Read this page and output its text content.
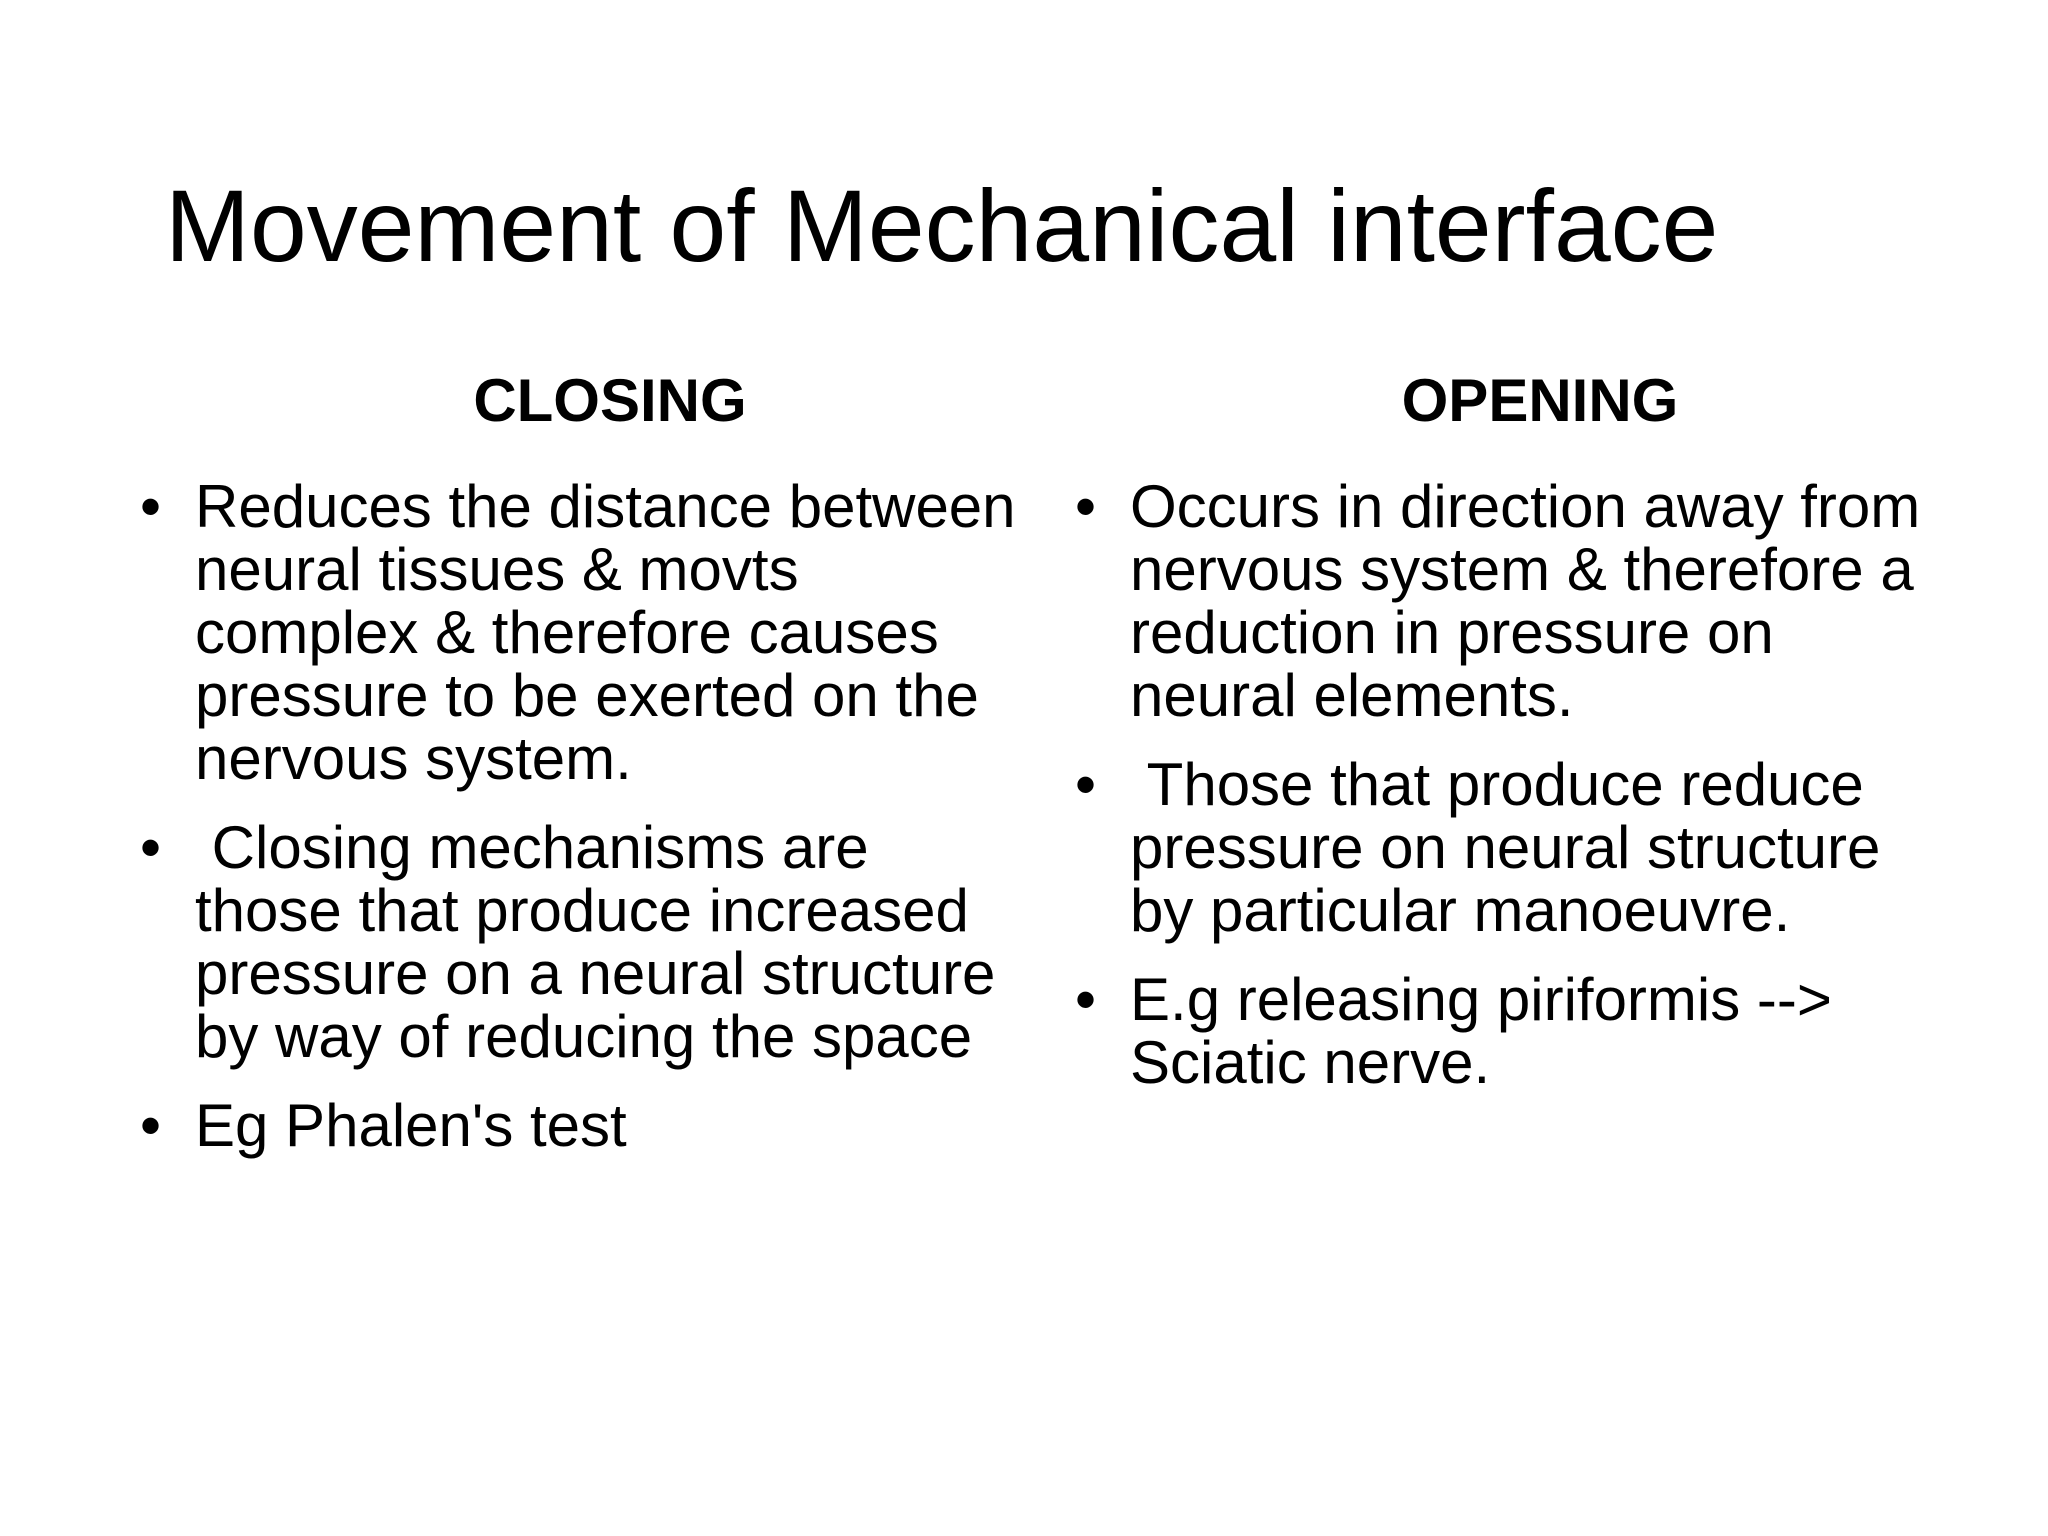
Movement of Mechanical interface
CLOSING	OPENING
• Reduces the distance between neural tissues & movts complex & therefore causes pressure to be exerted on the nervous system.
• Closing mechanisms are those that produce increased pressure on a neural structure by way of reducing the space
• Eg Phalen's test
• Occurs in direction away from nervous system & therefore a reduction in pressure on neural elements.
• Those that produce reduce pressure on neural structure by particular manoeuvre.
• E.g releasing piriformis --> Sciatic nerve.
